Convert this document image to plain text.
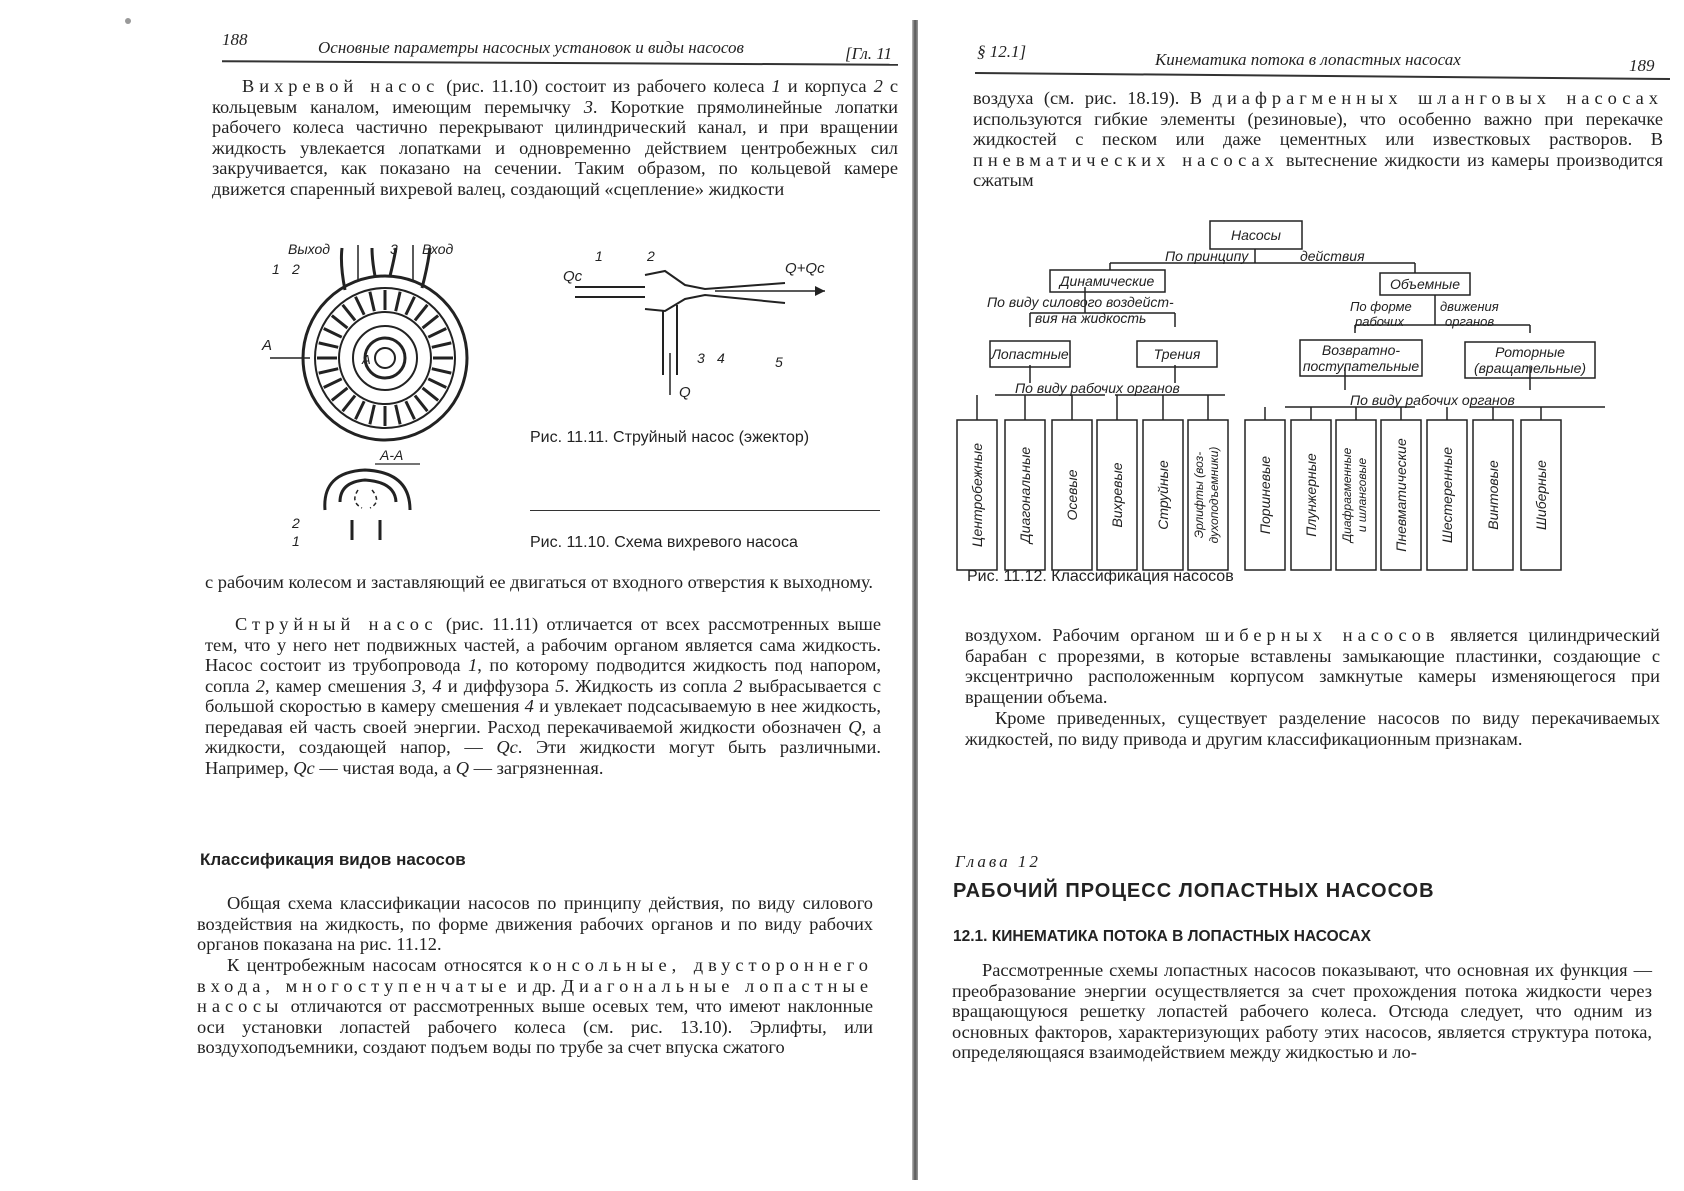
188	Основные параметры насосных установок и виды насосов	[Гл. 11

Вихревой насос (рис. 11.10) состоит из рабочего колеса 1 и корпуса 2 с кольцевым каналом, имеющим перемычку 3. Короткие прямолинейные лопатки рабочего колеса частично перекрывают цилиндрический канал, и при вращении жидкость увлекается лопатками и одновременно действием центробежных сил закручивается, как показано на сечении. Таким образом, по кольцевой камере движется спаренный вихревой валец, создающий «сцепление» жидкости

Выход	3 Вход
1 2
А
А
А-А
2
1
Qc	Q+Qc
Q
1	2
3 4	5
Рис. 11.11. Струйный насос (эжектор)
Рис. 11.10. Схема вихревого насоса

с рабочим колесом и заставляющий ее двигаться от входного отверстия к выходному.

Струйный насос (рис. 11.11) отличается от всех рассмотренных выше тем, что у него нет подвижных частей, а рабочим органом является сама жидкость. Насос состоит из трубопровода 1, по которому подводится жидкость под напором, сопла 2, камер смешения 3, 4 и диффузора 5. Жидкость из сопла 2 выбрасывается с большой скоростью в камеру смешения 4 и увлекает подсасываемую в нее жидкость, передавая ей часть своей энергии. Расход перекачиваемой жидкости обозначен Q, а жидкости, создающей напор, — Qс. Эти жидкости могут быть различными. Например, Qс — чистая вода, а Q — загрязненная.

Классификация видов насосов

Общая схема классификации насосов по принципу действия, по виду силового воздействия на жидкость, по форме движения рабочих органов и по виду рабочих органов показана на рис. 11.12.

К центробежным насосам относятся консольные, двустороннего входа, многоступенчатые и др. Диагональные лопастные насосы отличаются от рассмотренных выше осевых тем, что имеют наклонные оси установки лопастей рабочего колеса (см. рис. 13.10). Эрлифты, или воздухоподъемники, создают подъем воды по трубе за счет впуска сжатого

§ 12.1]	Кинематика потока в лопастных насосах	189

воздуха (см. рис. 18.19). В диафрагменных шланговых насосах используются гибкие элементы (резиновые), что особенно важно при перекачке жидкостей с песком или даже цементных или известковых растворов. В пневматических насосах вытеснение жидкости из камеры производится сжатым

Насосы
По принципу	действия
Динамические	Объемные
По виду силового воздейст-
вия на жидкость
По форме
рабочих
движения
органов
Лопастные	Трения	Возвратно-
поступательные
Роторные
(вращательные)
По виду рабочих органов
По виду рабочих органов
Центробежные Диагональные Осевые Вихревые Струйные Эрлифты (воз- духоподъемники)	Поршневые Плунжерные Диафрагменные и шланговые Пневматические Шестеренные Винтовые Шиберные
Рис. 11.12. Классификация насосов

воздухом. Рабочим органом шиберных насосов является цилиндрический барабан с прорезями, в которые вставлены замыкающие пластинки, создающие с эксцентрично расположенным корпусом замкнутые камеры изменяющегося при вращении объема.

Кроме приведенных, существует разделение насосов по виду перекачиваемых жидкостей, по виду привода и другим классификационным признакам.

Глава 12
РАБОЧИЙ ПРОЦЕСС ЛОПАСТНЫХ НАСОСОВ
12.1. КИНЕМАТИКА ПОТОКА В ЛОПАСТНЫХ НАСОСАХ

Рассмотренные схемы лопастных насосов показывают, что основная их функция — преобразование энергии осуществляется за счет прохождения потока жидкости через вращающуюся решетку лопастей рабочего колеса. Отсюда следует, что одним из основных факторов, характеризующих работу этих насосов, является структура потока, определяющаяся взаимодействием между жидкостью и ло-
